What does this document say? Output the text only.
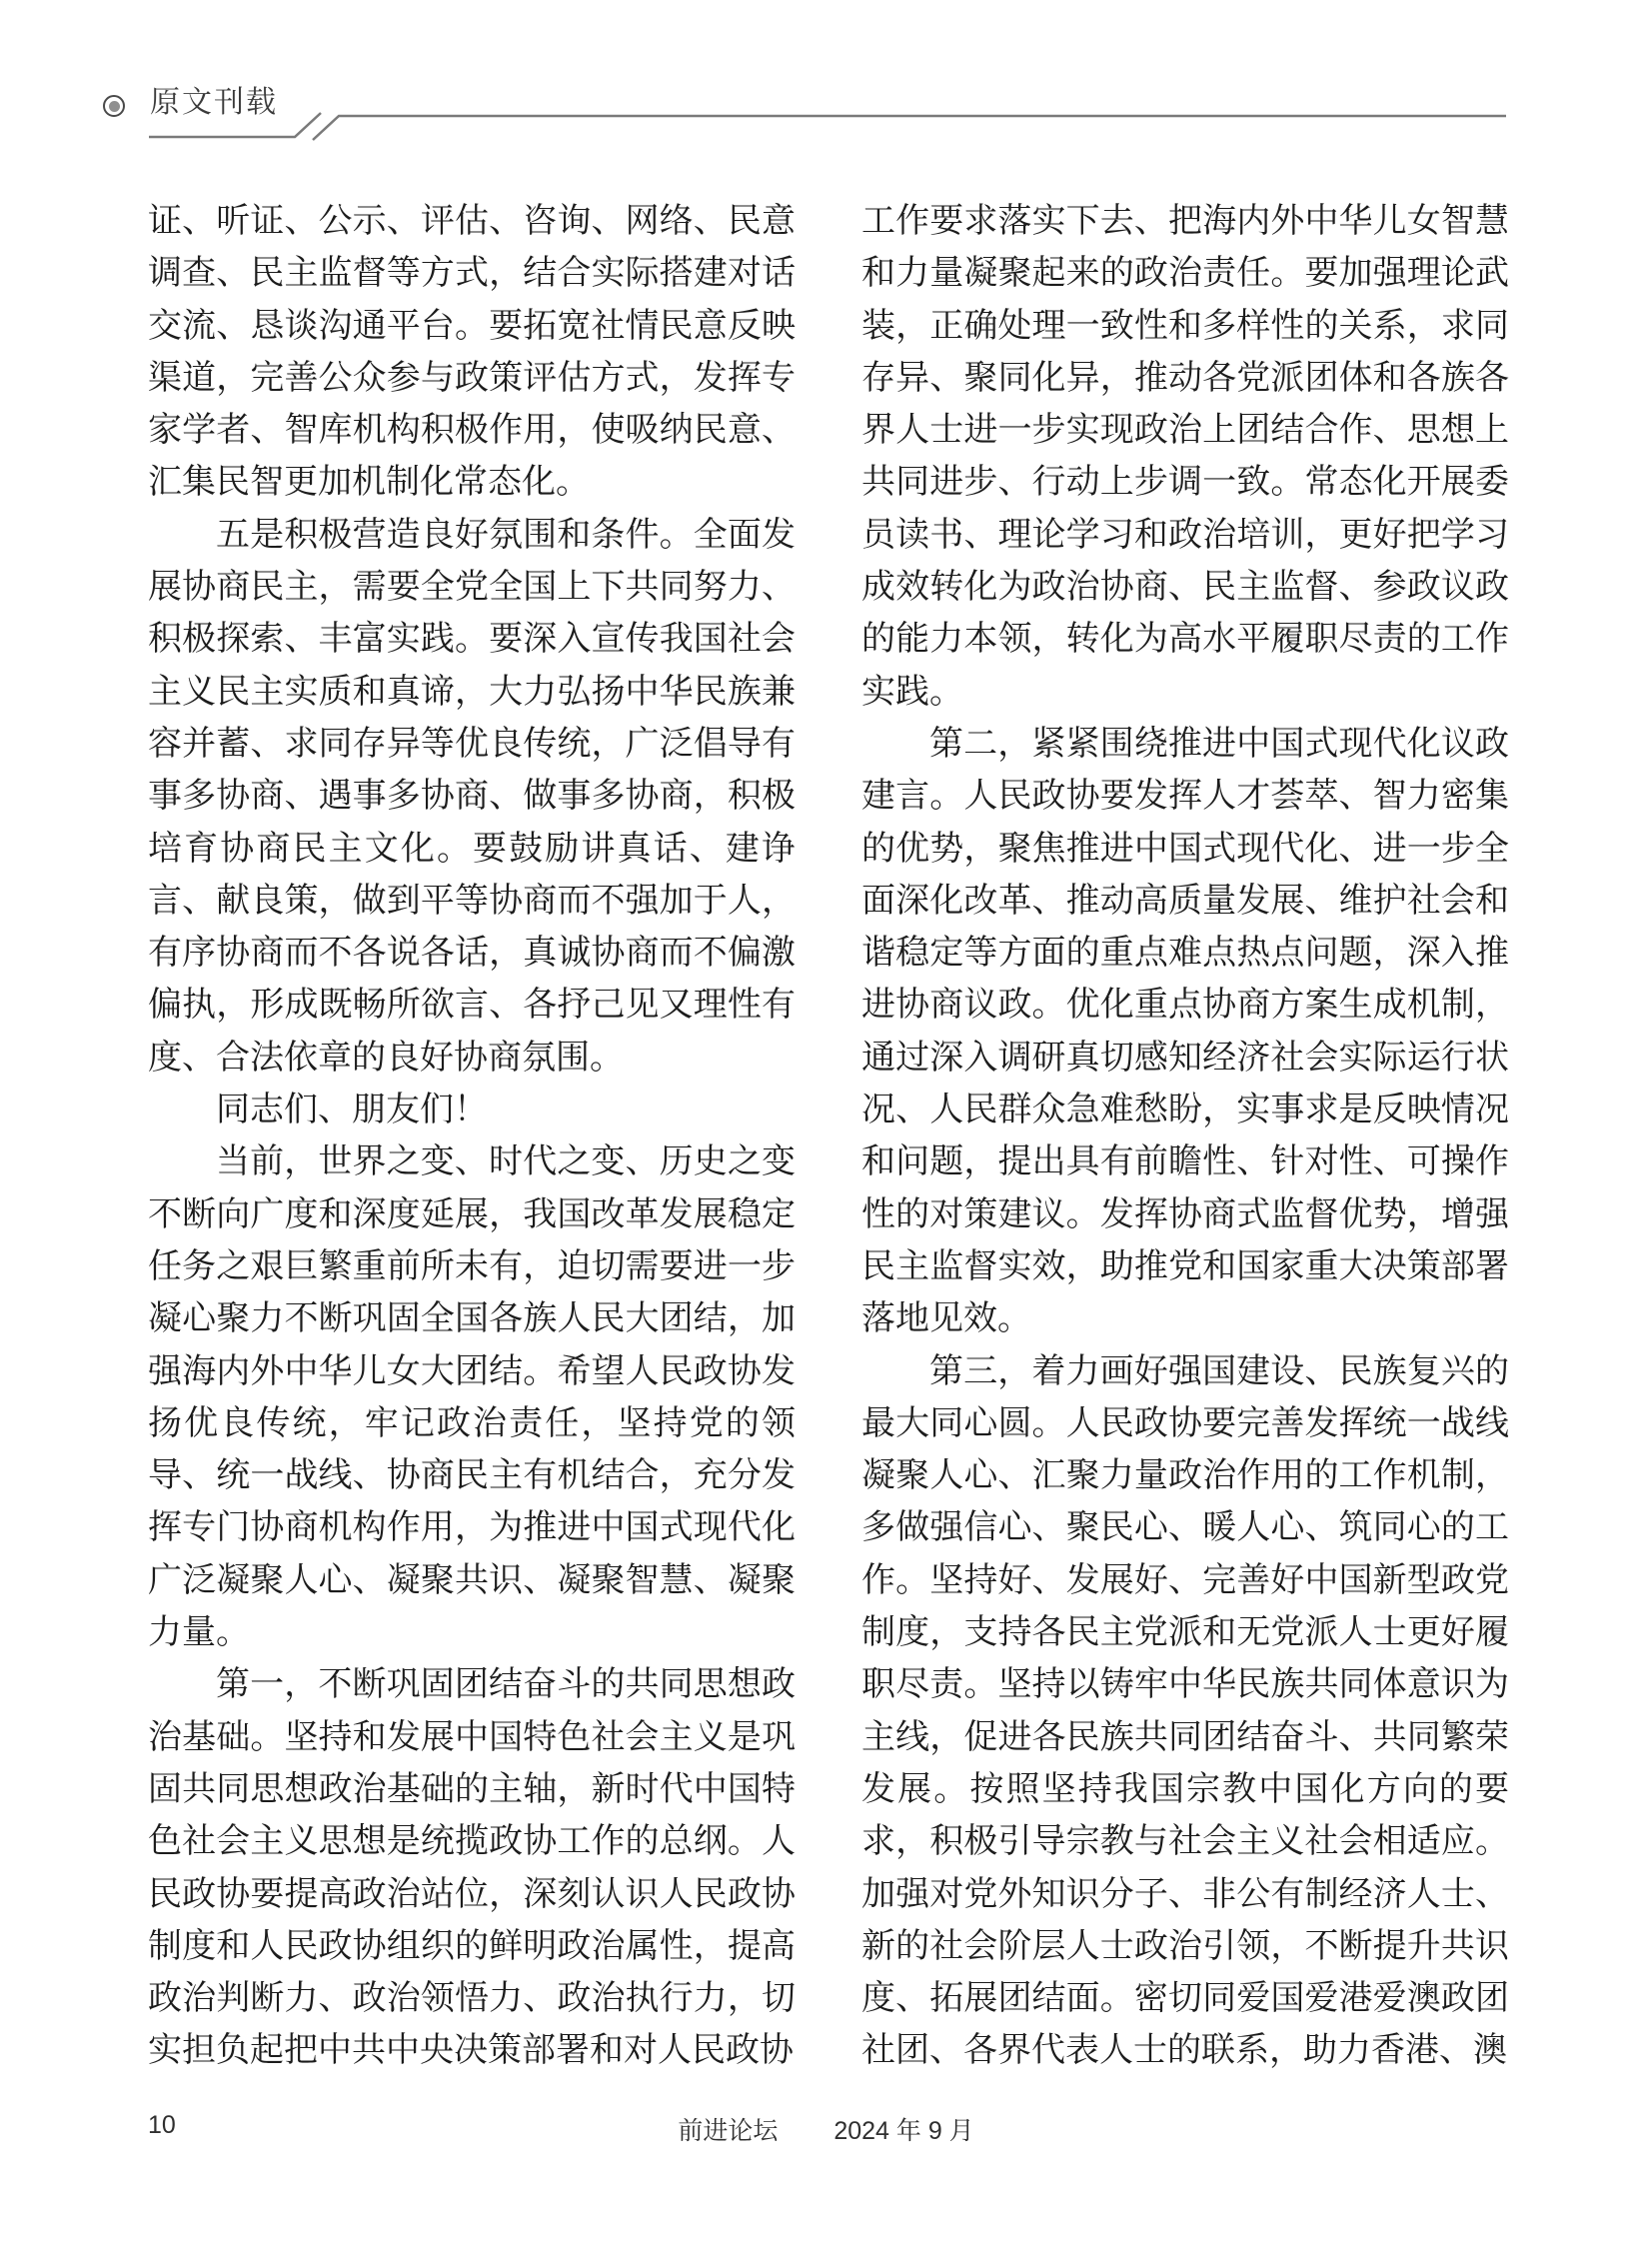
原文刊载

证、听证、公示、评估、咨询、网络、民意调查、民主监督等方式，结合实际搭建对话交流、恳谈沟通平台。要拓宽社情民意反映渠道，完善公众参与政策评估方式，发挥专家学者、智库机构积极作用，使吸纳民意、汇集民智更加机制化常态化。

五是积极营造良好氛围和条件。全面发展协商民主，需要全党全国上下共同努力、积极探索、丰富实践。要深入宣传我国社会主义民主实质和真谛，大力弘扬中华民族兼容并蓄、求同存异等优良传统，广泛倡导有事多协商、遇事多协商、做事多协商，积极培育协商民主文化。要鼓励讲真话、建诤言、献良策，做到平等协商而不强加于人，有序协商而不各说各话，真诚协商而不偏激偏执，形成既畅所欲言、各抒己见又理性有度、合法依章的良好协商氛围。

同志们、朋友们！

当前，世界之变、时代之变、历史之变不断向广度和深度延展，我国改革发展稳定任务之艰巨繁重前所未有，迫切需要进一步凝心聚力不断巩固全国各族人民大团结，加强海内外中华儿女大团结。希望人民政协发扬优良传统，牢记政治责任，坚持党的领导、统一战线、协商民主有机结合，充分发挥专门协商机构作用，为推进中国式现代化广泛凝聚人心、凝聚共识、凝聚智慧、凝聚力量。

第一，不断巩固团结奋斗的共同思想政治基础。坚持和发展中国特色社会主义是巩固共同思想政治基础的主轴，新时代中国特色社会主义思想是统揽政协工作的总纲。人民政协要提高政治站位，深刻认识人民政协制度和人民政协组织的鲜明政治属性，提高政治判断力、政治领悟力、政治执行力，切实担负起把中共中央决策部署和对人民政协

工作要求落实下去、把海内外中华儿女智慧和力量凝聚起来的政治责任。要加强理论武装，正确处理一致性和多样性的关系，求同存异、聚同化异，推动各党派团体和各族各界人士进一步实现政治上团结合作、思想上共同进步、行动上步调一致。常态化开展委员读书、理论学习和政治培训，更好把学习成效转化为政治协商、民主监督、参政议政的能力本领，转化为高水平履职尽责的工作实践。

第二，紧紧围绕推进中国式现代化议政建言。人民政协要发挥人才荟萃、智力密集的优势，聚焦推进中国式现代化、进一步全面深化改革、推动高质量发展、维护社会和谐稳定等方面的重点难点热点问题，深入推进协商议政。优化重点协商方案生成机制，通过深入调研真切感知经济社会实际运行状况、人民群众急难愁盼，实事求是反映情况和问题，提出具有前瞻性、针对性、可操作性的对策建议。发挥协商式监督优势，增强民主监督实效，助推党和国家重大决策部署落地见效。

第三，着力画好强国建设、民族复兴的最大同心圆。人民政协要完善发挥统一战线凝聚人心、汇聚力量政治作用的工作机制，多做强信心、聚民心、暖人心、筑同心的工作。坚持好、发展好、完善好中国新型政党制度，支持各民主党派和无党派人士更好履职尽责。坚持以铸牢中华民族共同体意识为主线，促进各民族共同团结奋斗、共同繁荣发展。按照坚持我国宗教中国化方向的要求，积极引导宗教与社会主义社会相适应。加强对党外知识分子、非公有制经济人士、新的社会阶层人士政治引领，不断提升共识度、拓展团结面。密切同爱国爱港爱澳政团社团、各界代表人士的联系，助力香港、澳

10	前进论坛 2024 年 9 月
